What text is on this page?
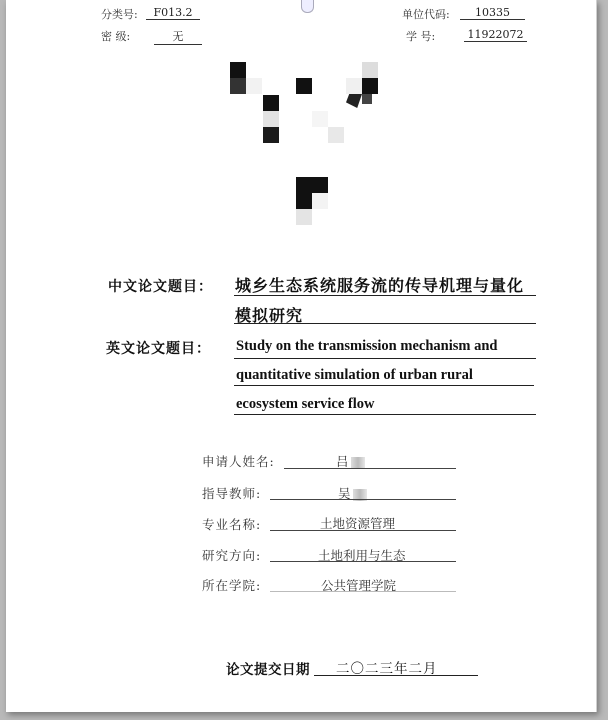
分类号:	F013.2	单位代码:	10335
密 级:	无	学 号:	11922072
中文论文题目： 城乡生态系统服务流的传导机理与量化
模拟研究
英文论文题目： Study on the transmission mechanism and
quantitative simulation of urban rural
ecosystem service flow
申请人姓名:	吕
指导教师:	吴
专业名称:	土地资源管理
研究方向:	土地利用与生态
所在学院:	公共管理学院
论文提交日期 二〇二三年二月
